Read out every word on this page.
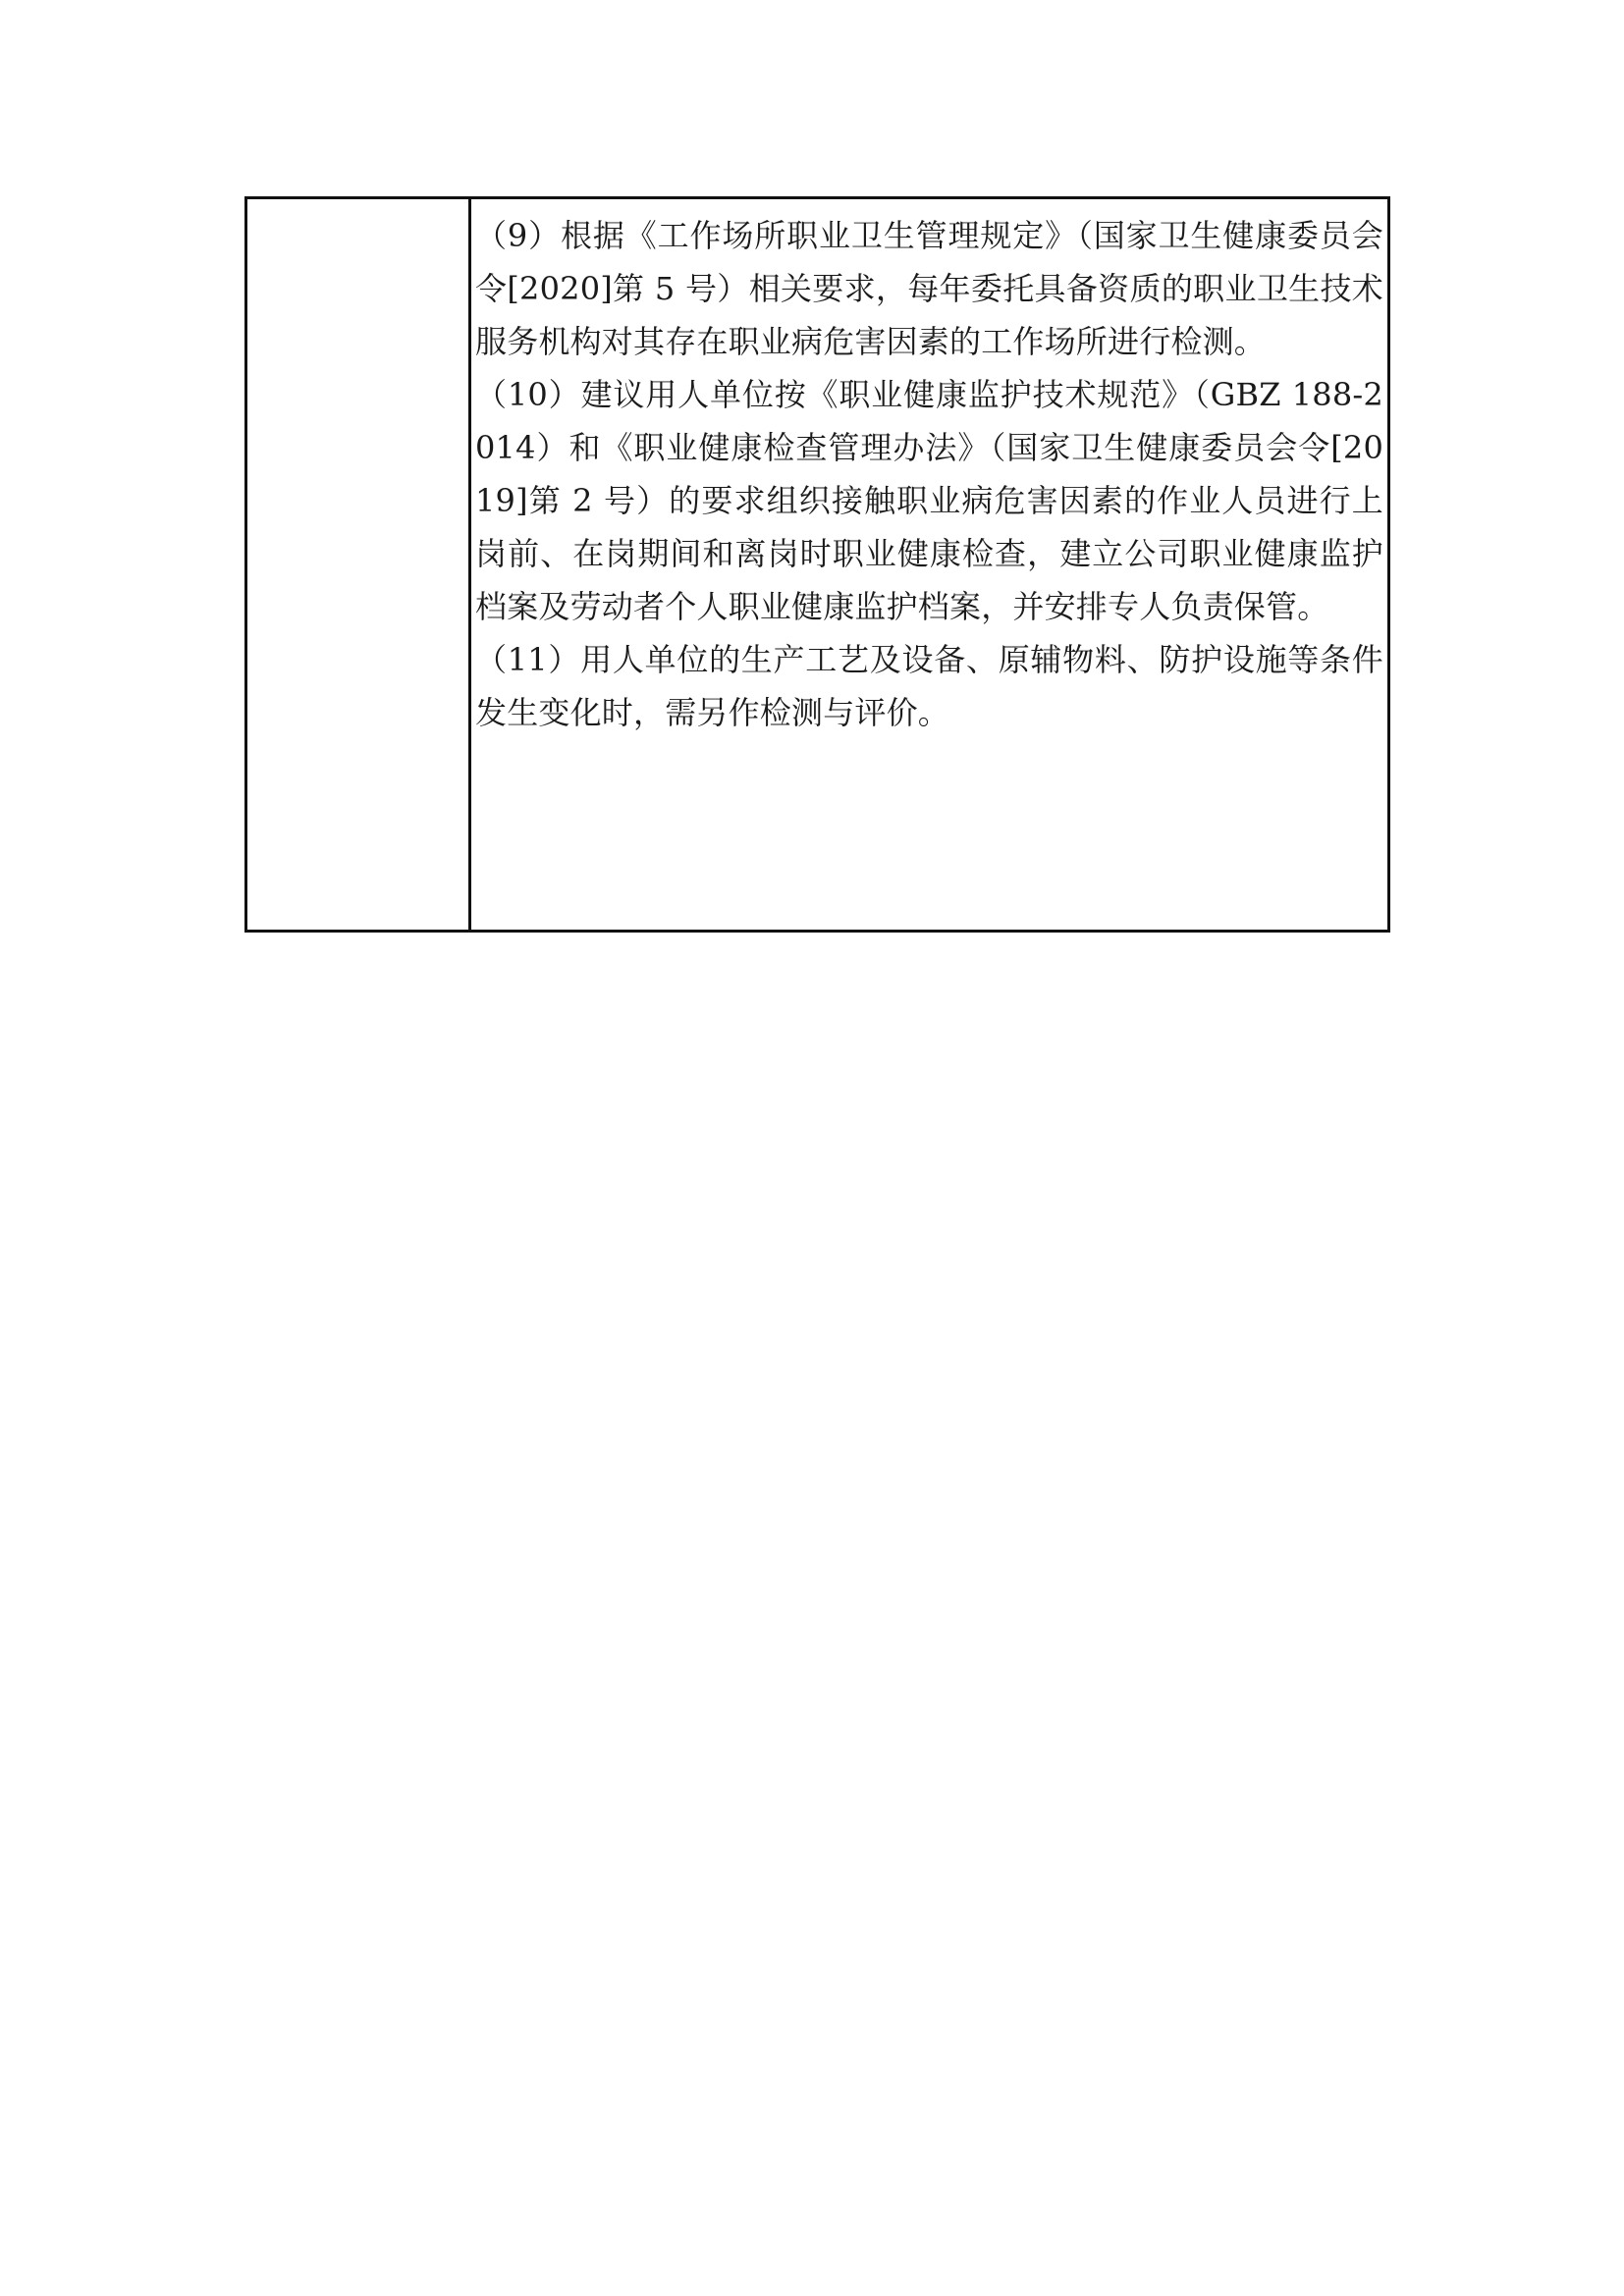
（9）根据《工作场所职业卫生管理规定》（国家卫生健康委员会令[2020]第 5 号）相关要求，每年委托具备资质的职业卫生技术服务机构对其存在职业病危害因素的工作场所进行检测。

（10）建议用人单位按《职业健康监护技术规范》（GBZ 188-2014）和《职业健康检查管理办法》（国家卫生健康委员会令[2019]第 2 号）的要求组织接触职业病危害因素的作业人员进行上岗前、在岗期间和离岗时职业健康检查，建立公司职业健康监护档案及劳动者个人职业健康监护档案，并安排专人负责保管。

（11）用人单位的生产工艺及设备、原辅物料、防护设施等条件发生变化时，需另作检测与评价。
